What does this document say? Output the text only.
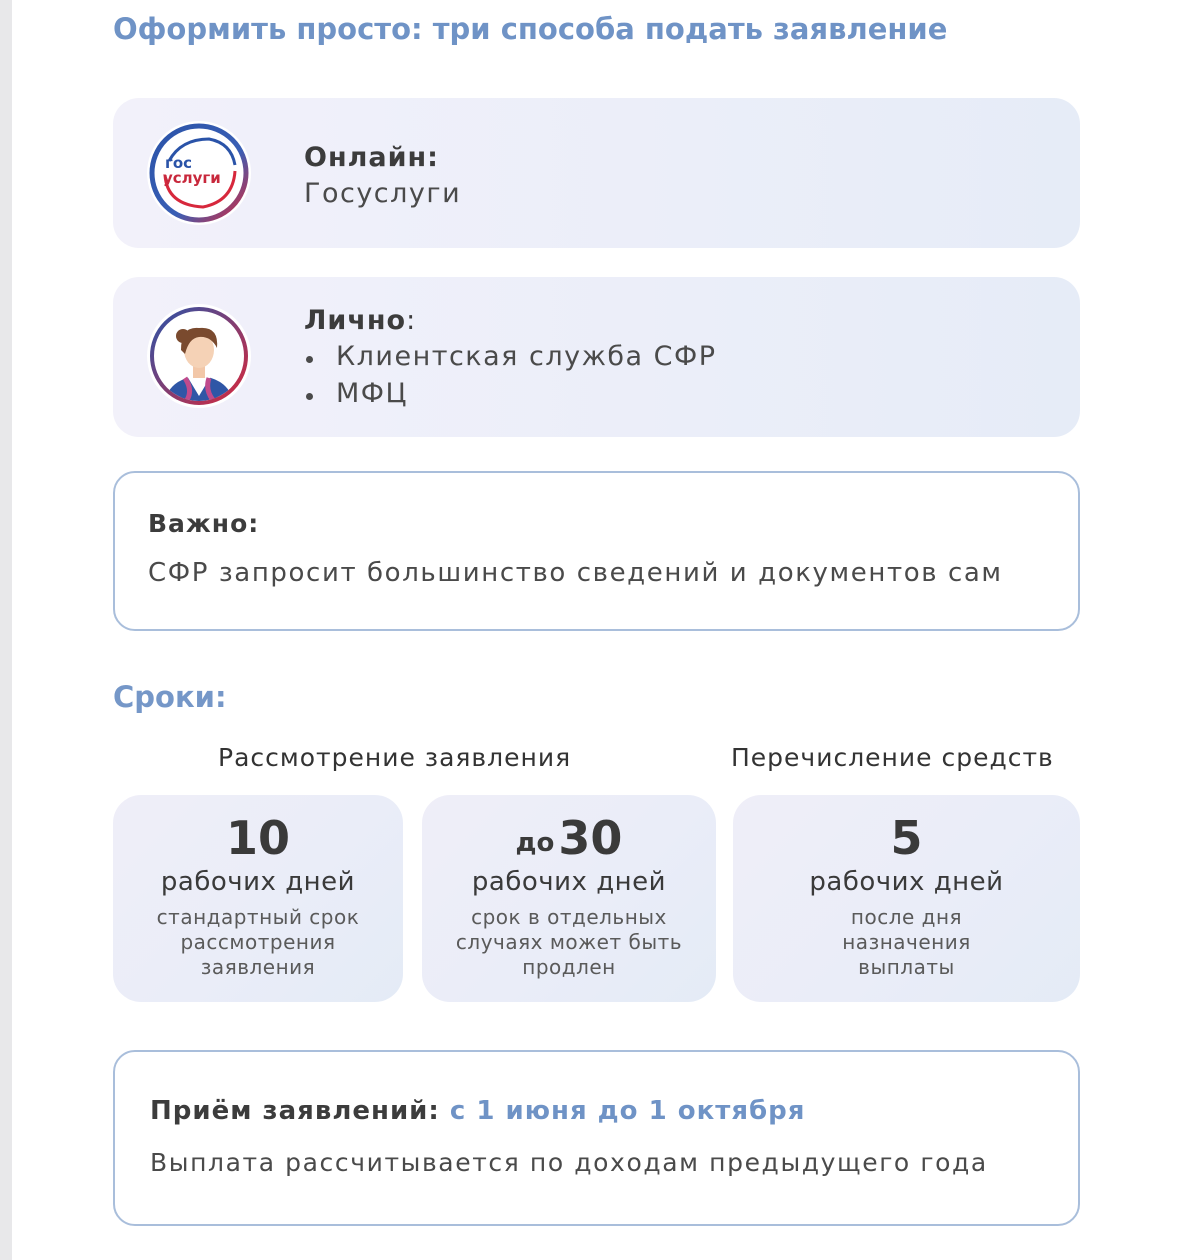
Оформить просто: три способа подать заявление
гос
услуги
Онлайн:
Госуслуги
Лично:
Клиентская служба СФР
МФЦ
Важно:
СФР запросит большинство сведений и документов сам
Сроки:
Рассмотрение заявления	Перечисление средств
10
рабочих дней
стандартный срок рассмотрения заявления
до30
рабочих дней
срок в отдельных случаях может быть продлен
5
рабочих дней
после дня назначения выплаты
Приём заявлений: с 1 июня до 1 октября
Выплата рассчитывается по доходам предыдущего года
